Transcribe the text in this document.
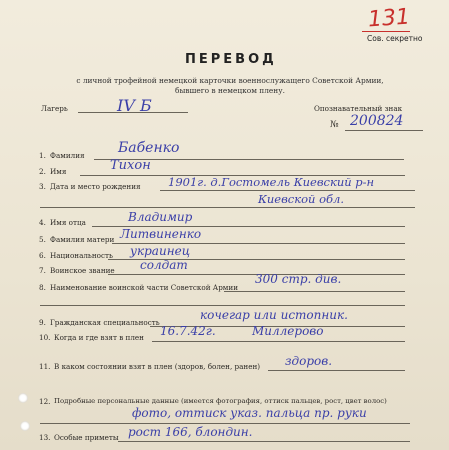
131
Сов. секретно
ПЕРЕВОД
с личной трофейной немецкой карточки военнослужащего Советской Армии,
бывшего в немецком плену.
Лагерь	IV Б	Опознавательный знак
№ 200824
1. Фамилия Бабенко
2. Имя	Тихон
3. Дата и место рождения 1901г. д.Гостомель Киевский р-н
Киевской обл.
4. Имя отца	Владимир
5. Фамилия матери Литвиненко
6. Национальность украинец
7. Воинское звание солдат
8. Наименование воинской части Советской Армии
300 стр. див.
9. Гражданская специальность
кочегар или истопник.
10. Когда и где взят в плен 16.7.42г.	Миллерово
11. В каком состоянии взят в плен (здоров, болен, ранен) здоров.
12. Подробные персональные данные (имеется фотография, оттиск пальцев, рост, цвет волос)
фото, оттиск указ. пальца пр. руки
13. Особые приметы рост 166, блондин.
